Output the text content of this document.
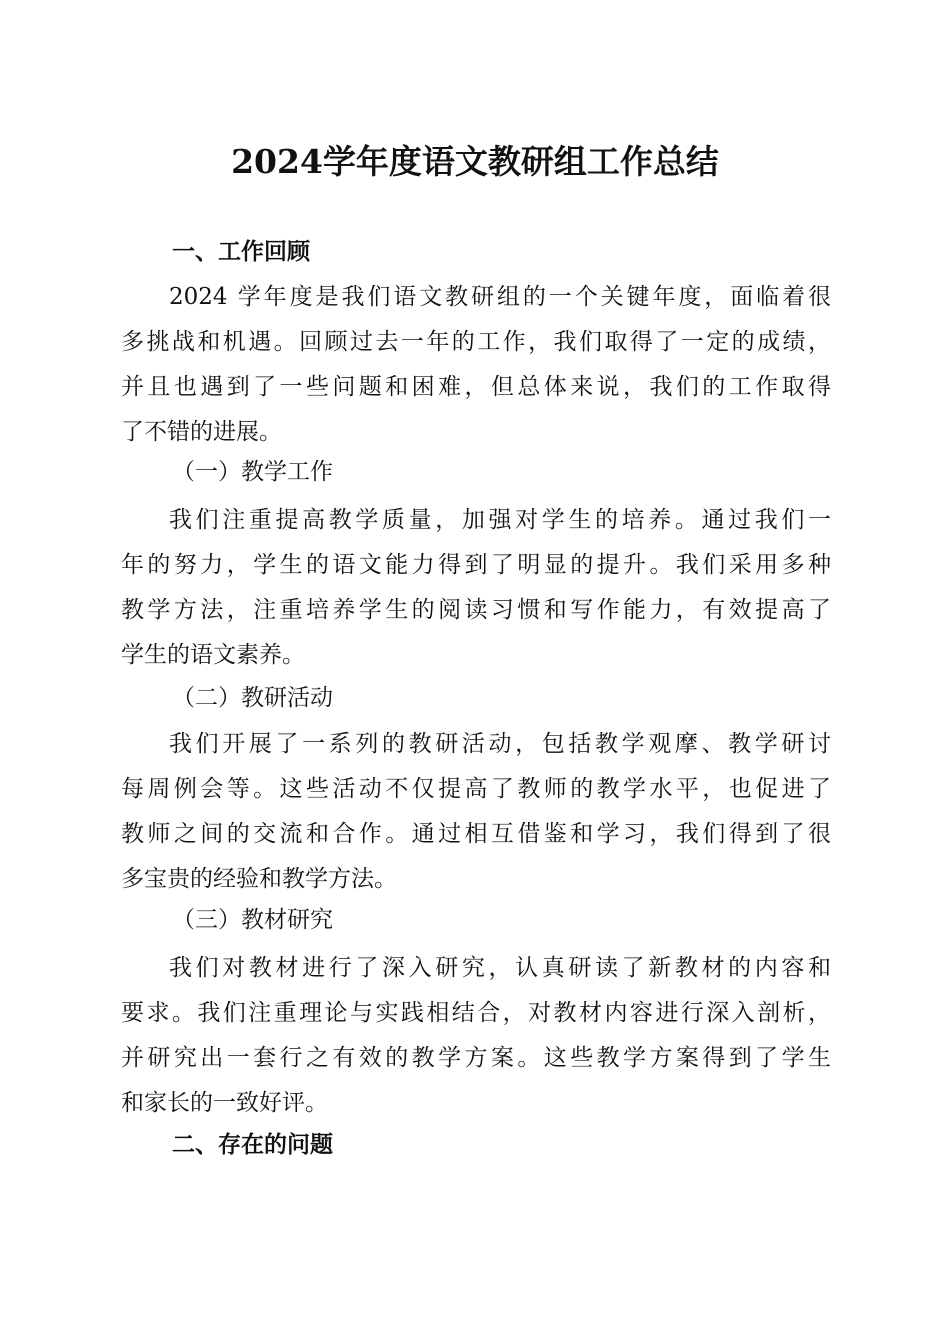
2024学年度语文教研组工作总结
一、工作回顾
2024 学年度是我们语文教研组的一个关键年度，面临着很
多挑战和机遇。回顾过去一年的工作，我们取得了一定的成绩，
并且也遇到了一些问题和困难，但总体来说，我们的工作取得
了不错的进展。
（一）教学工作
我们注重提高教学质量，加强对学生的培养。通过我们一
年的努力，学生的语文能力得到了明显的提升。我们采用多种
教学方法，注重培养学生的阅读习惯和写作能力，有效提高了
学生的语文素养。
（二）教研活动
我们开展了一系列的教研活动，包括教学观摩、教学研讨
每周例会等。这些活动不仅提高了教师的教学水平，也促进了
教师之间的交流和合作。通过相互借鉴和学习，我们得到了很
多宝贵的经验和教学方法。
（三）教材研究
我们对教材进行了深入研究，认真研读了新教材的内容和
要求。我们注重理论与实践相结合，对教材内容进行深入剖析，
并研究出一套行之有效的教学方案。这些教学方案得到了学生
和家长的一致好评。
二、存在的问题
